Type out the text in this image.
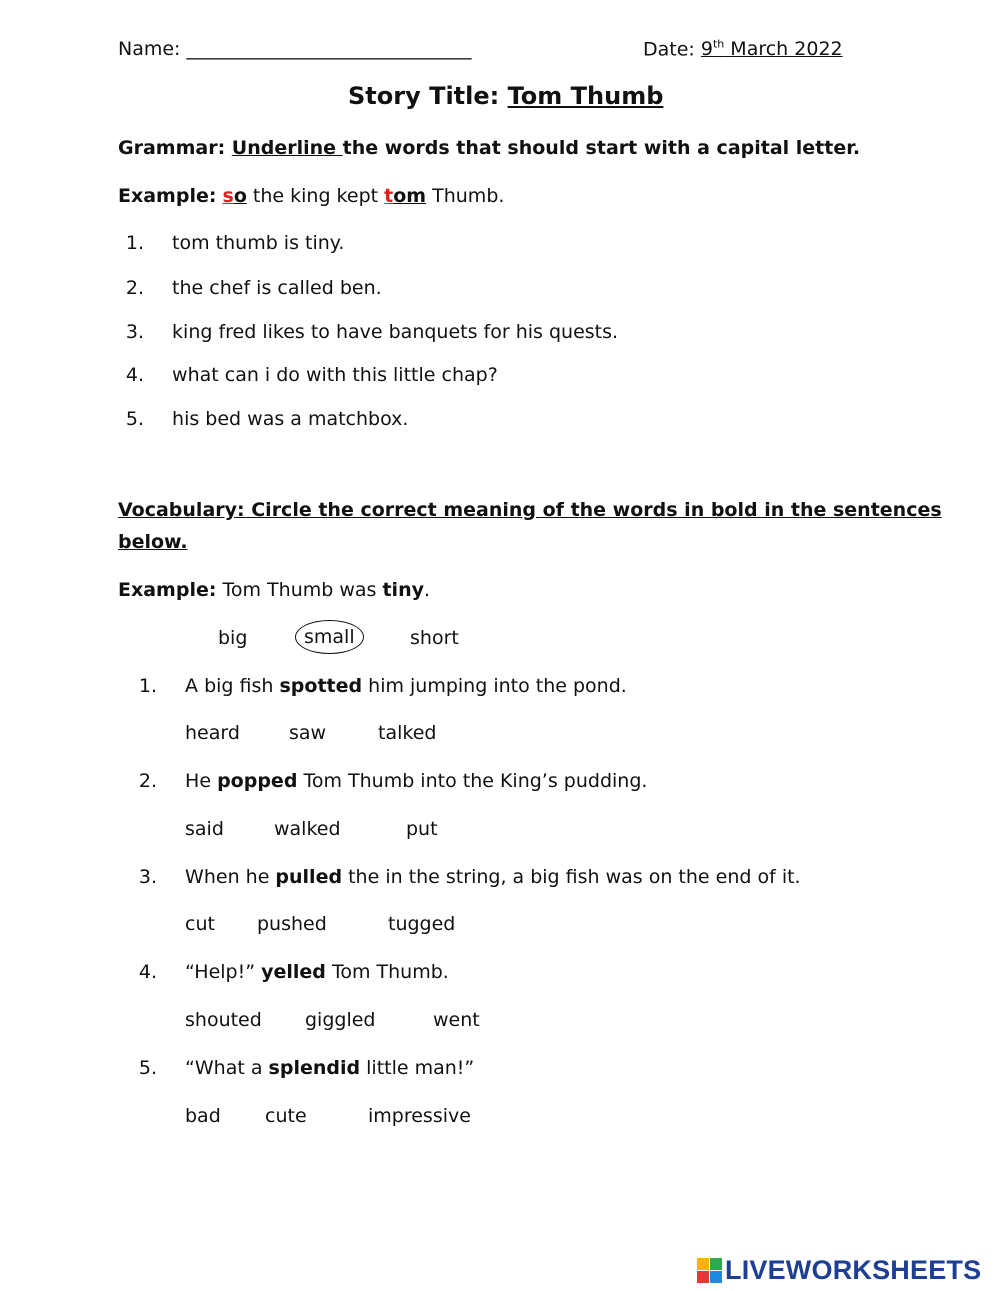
Name: ______________________________	Date: 9th March 2022
Story Title: Tom Thumb
Grammar: Underline the words that should start with a capital letter.
Example: so the king kept tom Thumb.
1. tom thumb is tiny.
2. the chef is called ben.
3. king fred likes to have banquets for his quests.
4. what can i do with this little chap?
5. his bed was a matchbox.
Vocabulary: Circle the correct meaning of the words in bold in the sentences
below.
Example: Tom Thumb was tiny.
big	small	short
1. A big fish spotted him jumping into the pond.
heard	saw	talked
2. He popped Tom Thumb into the King’s pudding.
said	walked	put
3. When he pulled the in the string, a big fish was on the end of it.
cut pushed	tugged
4. “Help!” yelled Tom Thumb.
shouted giggled	went
5. “What a splendid little man!”
bad cute	impressive
LIVEWORKSHEETS
